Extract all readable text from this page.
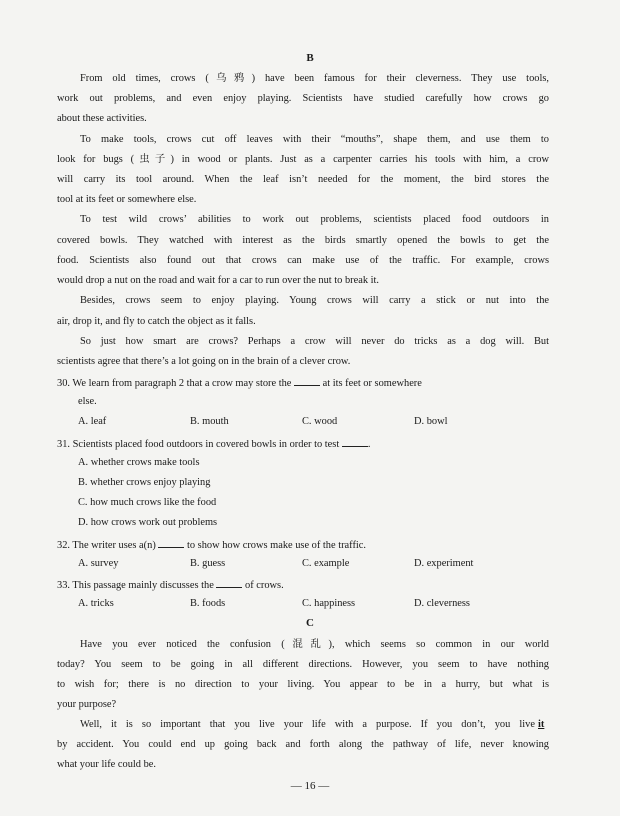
B
From old times, crows (乌鸦) have been famous for their cleverness. They use tools,
work out problems, and even enjoy playing. Scientists have studied carefully how crows go
about these activities.
To make tools, crows cut off leaves with their “mouths”, shape them, and use them to
look for bugs (虫子) in wood or plants. Just as a carpenter carries his tools with him, a crow
will carry its tool around. When the leaf isn’t needed for the moment, the bird stores the
tool at its feet or somewhere else.
To test wild crows’ abilities to work out problems, scientists placed food outdoors in
covered bowls. They watched with interest as the birds smartly opened the bowls to get the
food. Scientists also found out that crows can make use of the traffic. For example, crows
would drop a nut on the road and wait for a car to run over the nut to break it.
Besides, crows seem to enjoy playing. Young crows will carry a stick or nut into the
air, drop it, and fly to catch the object as it falls.
So just how smart are crows? Perhaps a crow will never do tricks as a dog will. But
scientists agree that there’s a lot going on in the brain of a clever crow.
30. We learn from paragraph 2 that a crow may store the	at its feet or somewhere
else.
A. leaf	B. mouth	C. wood	D. bowl
31. Scientists placed food outdoors in covered bowls in order to test	.
A. whether crows make tools
B. whether crows enjoy playing
C. how much crows like the food
D. how crows work out problems
32. The writer uses a(n)	to show how crows make use of the traffic.
A. survey	B. guess	C. example	D. experiment
33. This passage mainly discusses the	of crows.
A. tricks	B. foods	C. happiness	D. cleverness
C
Have you ever noticed the confusion (混乱), which seems so common in our world
today? You seem to be going in all different directions. However, you seem to have nothing
to wish for; there is no direction to your living. You appear to be in a hurry, but what is
your purpose?
Well, it is so important that you live your life with a purpose. If you don’t, you live it
by accident. You could end up going back and forth along the pathway of life, never knowing
what your life could be.
— 16 —
